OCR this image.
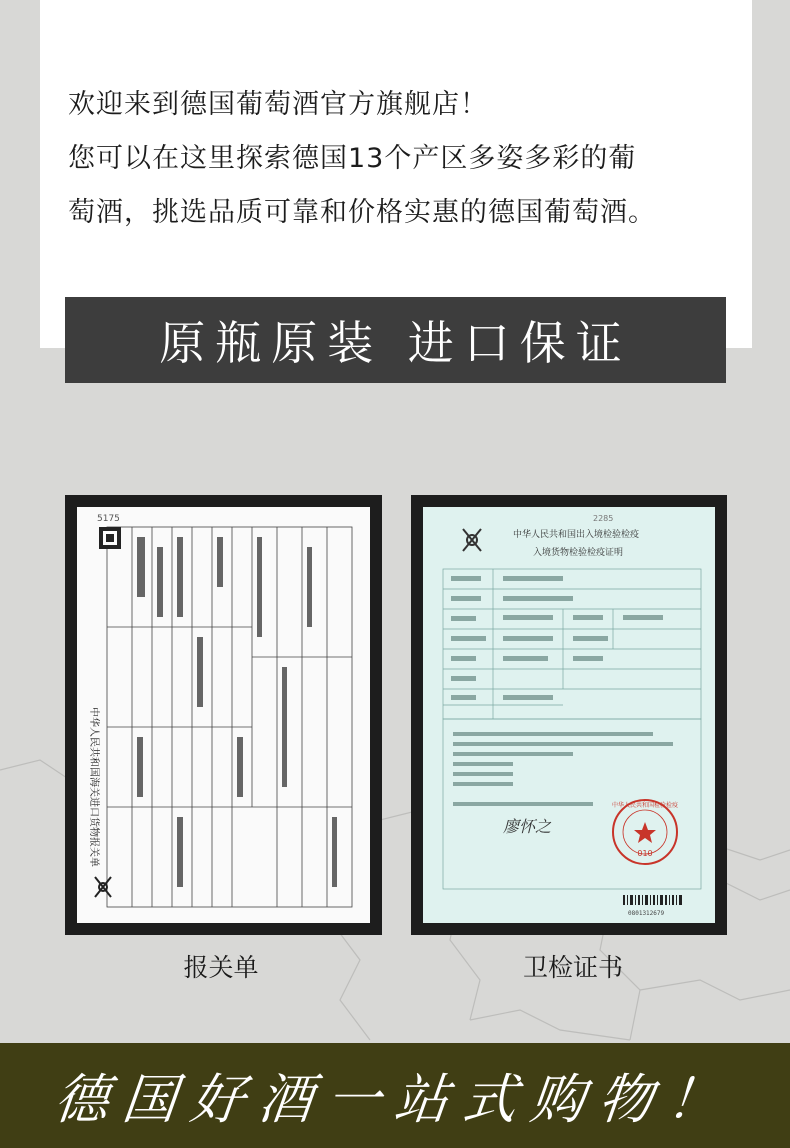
欢迎来到德国葡萄酒官方旗舰店！

您可以在这里探索德国13个产区多姿多彩的葡

萄酒，挑选品质可靠和价格实惠的德国葡萄酒。

原瓶原装 进口保证
中华人民共和国海关进口货物报关单
5175	2285
中华人民共和国出入境检验检疫
入境货物检验检疫证明
廖怀之
中华人民共和国检验检疫
010
0801312679
报关单	卫检证书
德国好酒一站式购物！
